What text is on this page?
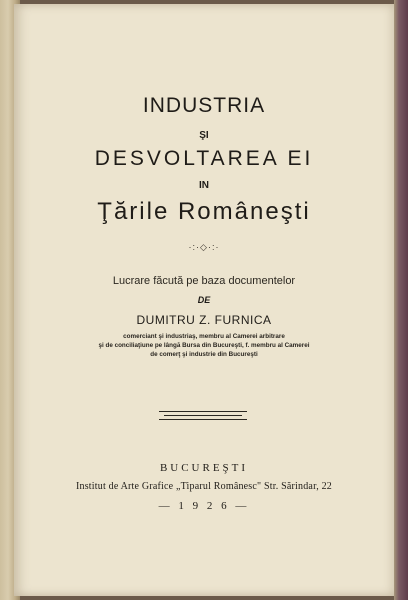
INDUSTRIA
ŞI
DESVOLTAREA EI
IN
Ţările Româneşti
·:·◇·:·
Lucrare făcută pe baza documentelor
DE
DUMITRU Z. FURNICA
comerciant şi industriaş, membru al Camerei arbitrare
şi de conciliaţiune pe lângă Bursa din Bucureşti, f. membru al Camerei
de comerţ şi industrie din Bucureşti
BUCUREŞTI
Institut de Arte Grafice „Tiparul Românesc" Str. Sărindar, 22
— 1 9 2 6 —
